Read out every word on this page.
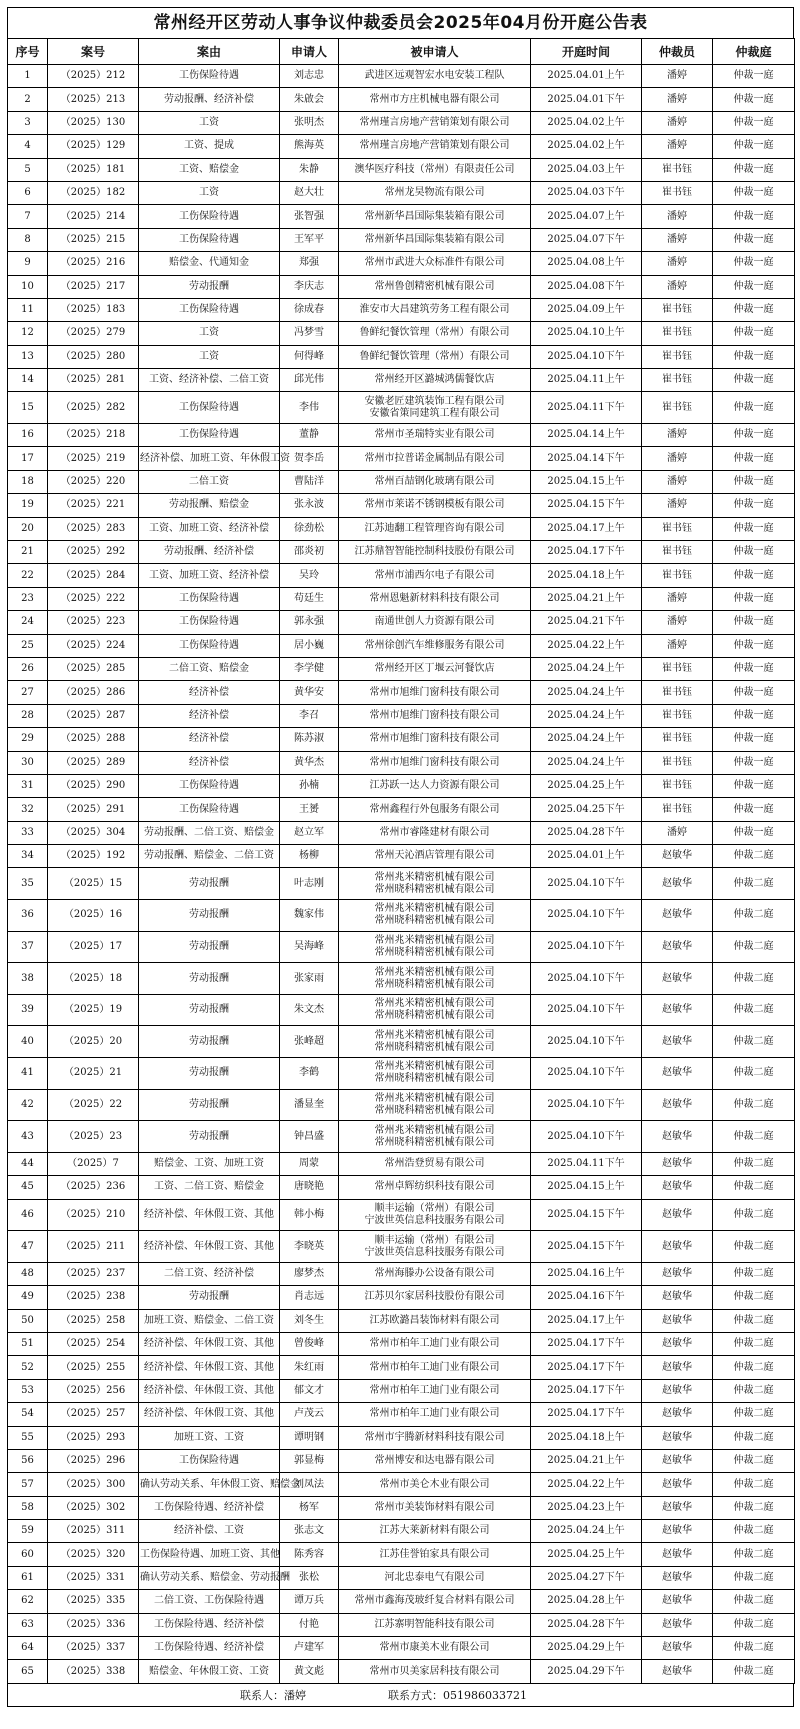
常州经开区劳动人事争议仲裁委员会2025年04月份开庭公告表
序号	案号	案由	申请人	被申请人	开庭时间	仲裁员	仲裁庭
1	（2025）212	工伤保险待遇	刘志忠	武进区远观智宏水电安装工程队	2025.04.01上午	潘婷	仲裁一庭
2	（2025）213	劳动报酬、经济补偿	朱啟会	常州市方庄机械电器有限公司	2025.04.01下午	潘婷	仲裁一庭
3	（2025）130	工资	张明杰	常州瑾言房地产营销策划有限公司	2025.04.02上午	潘婷	仲裁一庭
4	（2025）129	工资、提成	熊海英	常州瑾言房地产营销策划有限公司	2025.04.02上午	潘婷	仲裁一庭
5	（2025）181	工资、赔偿金	朱静	澳华医疗科技（常州）有限责任公司	2025.04.03上午	崔书钰	仲裁一庭
6	（2025）182	工资	赵大壮	常州龙昊物流有限公司	2025.04.03下午	崔书钰	仲裁一庭
7	（2025）214	工伤保险待遇	张智强	常州新华昌国际集装箱有限公司	2025.04.07上午	潘婷	仲裁一庭
8	（2025）215	工伤保险待遇	王军平	常州新华昌国际集装箱有限公司	2025.04.07下午	潘婷	仲裁一庭
9	（2025）216	赔偿金、代通知金	郑强	常州市武进大众标准件有限公司	2025.04.08上午	潘婷	仲裁一庭
10	（2025）217	劳动报酬	李庆志	常州鲁创精密机械有限公司	2025.04.08下午	潘婷	仲裁一庭
11	（2025）183	工伤保险待遇	徐成春	淮安市大昌建筑劳务工程有限公司	2025.04.09上午	崔书钰	仲裁一庭
12	（2025）279	工资	冯梦雪	鲁鲜纪餐饮管理（常州）有限公司	2025.04.10上午	崔书钰	仲裁一庭
13	（2025）280	工资	何得峰	鲁鲜纪餐饮管理（常州）有限公司	2025.04.10下午	崔书钰	仲裁一庭
14	（2025）281	工资、经济补偿、二倍工资	邱光伟	常州经开区潞城鸿儒餐饮店	2025.04.11上午	崔书钰	仲裁一庭
15	（2025）282	工伤保险待遇	李伟	安徽老匠建筑装饰工程有限公司
安徽省策同建筑工程有限公司	2025.04.11下午	崔书钰	仲裁一庭
16	（2025）218	工伤保险待遇	董静	常州市圣瑞特实业有限公司	2025.04.14上午	潘婷	仲裁一庭
17	（2025）219	经济补偿、加班工资、年休假工资	贺李岳	常州市拉普诺金属制品有限公司	2025.04.14下午	潘婷	仲裁一庭
18	（2025）220	二倍工资	曹陆洋	常州百喆钢化玻璃有限公司	2025.04.15上午	潘婷	仲裁一庭
19	（2025）221	劳动报酬、赔偿金	张永波	常州市莱诺不锈钢模板有限公司	2025.04.15下午	潘婷	仲裁一庭
20	（2025）283	工资、加班工资、经济补偿	徐劲松	江苏迪翻工程管理咨询有限公司	2025.04.17上午	崔书钰	仲裁一庭
21	（2025）292	劳动报酬、经济补偿	邵炎初	江苏鼎智智能控制科技股份有限公司	2025.04.17下午	崔书钰	仲裁一庭
22	（2025）284	工资、加班工资、经济补偿	吴玲	常州市浦西尔电子有限公司	2025.04.18上午	崔书钰	仲裁一庭
23	（2025）222	工伤保险待遇	苟廷生	常州恩魁新材料科技有限公司	2025.04.21上午	潘婷	仲裁一庭
24	（2025）223	工伤保险待遇	郭永强	南通世创人力资源有限公司	2025.04.21下午	潘婷	仲裁一庭
25	（2025）224	工伤保险待遇	居小巍	常州徐创汽车维修服务有限公司	2025.04.22上午	潘婷	仲裁一庭
26	（2025）285	二倍工资、赔偿金	李学健	常州经开区丁堰云河餐饮店	2025.04.24上午	崔书钰	仲裁一庭
27	（2025）286	经济补偿	黄华安	常州市旭维门窗科技有限公司	2025.04.24上午	崔书钰	仲裁一庭
28	（2025）287	经济补偿	李召	常州市旭维门窗科技有限公司	2025.04.24上午	崔书钰	仲裁一庭
29	（2025）288	经济补偿	陈苏淑	常州市旭维门窗科技有限公司	2025.04.24上午	崔书钰	仲裁一庭
30	（2025）289	经济补偿	黄华杰	常州市旭维门窗科技有限公司	2025.04.24上午	崔书钰	仲裁一庭
31	（2025）290	工伤保险待遇	孙楠	江苏跃一达人力资源有限公司	2025.04.25上午	崔书钰	仲裁一庭
32	（2025）291	工伤保险待遇	王赟	常州鑫程行外包服务有限公司	2025.04.25下午	崔书钰	仲裁一庭
33	（2025）304	劳动报酬、二倍工资、赔偿金	赵立军	常州市睿隆建材有限公司	2025.04.28下午	潘婷	仲裁一庭
34	（2025）192	劳动报酬、赔偿金、二倍工资	杨柳	常州天沁酒店管理有限公司	2025.04.01上午	赵敏华	仲裁二庭
35	（2025）15	劳动报酬	叶志刚	常州兆米精密机械有限公司
常州晓科精密机械有限公司	2025.04.10下午	赵敏华	仲裁二庭
36	（2025）16	劳动报酬	魏家伟	常州兆米精密机械有限公司
常州晓科精密机械有限公司	2025.04.10下午	赵敏华	仲裁二庭
37	（2025）17	劳动报酬	吴海峰	常州兆米精密机械有限公司
常州晓科精密机械有限公司	2025.04.10下午	赵敏华	仲裁二庭
38	（2025）18	劳动报酬	张家雨	常州兆米精密机械有限公司
常州晓科精密机械有限公司	2025.04.10下午	赵敏华	仲裁二庭
39	（2025）19	劳动报酬	朱文杰	常州兆米精密机械有限公司
常州晓科精密机械有限公司	2025.04.10下午	赵敏华	仲裁二庭
40	（2025）20	劳动报酬	张峰超	常州兆米精密机械有限公司
常州晓科精密机械有限公司	2025.04.10下午	赵敏华	仲裁二庭
41	（2025）21	劳动报酬	李鹤	常州兆米精密机械有限公司
常州晓科精密机械有限公司	2025.04.10下午	赵敏华	仲裁二庭
42	（2025）22	劳动报酬	潘显奎	常州兆米精密机械有限公司
常州晓科精密机械有限公司	2025.04.10下午	赵敏华	仲裁二庭
43	（2025）23	劳动报酬	钟昌盛	常州兆米精密机械有限公司
常州晓科精密机械有限公司	2025.04.10下午	赵敏华	仲裁二庭
44	（2025）7	赔偿金、工资、加班工资	周蒙	常州浩登贸易有限公司	2025.04.11下午	赵敏华	仲裁二庭
45	（2025）236	工资、二倍工资、赔偿金	唐晓艳	常州卓辉纺织科技有限公司	2025.04.15上午	赵敏华	仲裁二庭
46	（2025）210	经济补偿、年休假工资、其他	韩小梅	顺丰运输（常州）有限公司
宁波世英信息科技服务有限公司	2025.04.15下午	赵敏华	仲裁二庭
47	（2025）211	经济补偿、年休假工资、其他	李晓英	顺丰运输（常州）有限公司
宁波世英信息科技服务有限公司	2025.04.15下午	赵敏华	仲裁二庭
48	（2025）237	二倍工资、经济补偿	廖梦杰	常州海滕办公设备有限公司	2025.04.16上午	赵敏华	仲裁二庭
49	（2025）238	劳动报酬	肖志远	江苏贝尔家居科技股份有限公司	2025.04.16下午	赵敏华	仲裁二庭
50	（2025）258	加班工资、赔偿金、二倍工资	刘冬生	江苏欧潞昌装饰材料有限公司	2025.04.17上午	赵敏华	仲裁二庭
51	（2025）254	经济补偿、年休假工资、其他	曾俊峰	常州市柏年工迪门业有限公司	2025.04.17下午	赵敏华	仲裁二庭
52	（2025）255	经济补偿、年休假工资、其他	朱红雨	常州市柏年工迪门业有限公司	2025.04.17下午	赵敏华	仲裁二庭
53	（2025）256	经济补偿、年休假工资、其他	郁文才	常州市柏年工迪门业有限公司	2025.04.17下午	赵敏华	仲裁二庭
54	（2025）257	经济补偿、年休假工资、其他	卢茂云	常州市柏年工迪门业有限公司	2025.04.17下午	赵敏华	仲裁二庭
55	（2025）293	加班工资、工资	谭明钢	常州市宇腾新材料科技有限公司	2025.04.18上午	赵敏华	仲裁二庭
56	（2025）296	工伤保险待遇	郭显梅	常州博安和达电器有限公司	2025.04.21上午	赵敏华	仲裁二庭
57	（2025）300	确认劳动关系、年休假工资、赔偿金	刘凤法	常州市美仑木业有限公司	2025.04.22上午	赵敏华	仲裁二庭
58	（2025）302	工伤保险待遇、经济补偿	杨军	常州市美装饰材料有限公司	2025.04.23上午	赵敏华	仲裁二庭
59	（2025）311	经济补偿、工资	张志文	江苏大莱新材料有限公司	2025.04.24上午	赵敏华	仲裁二庭
60	（2025）320	工伤保险待遇、加班工资、其他	陈秀容	江苏佳誉铂家具有限公司	2025.04.25上午	赵敏华	仲裁二庭
61	（2025）331	确认劳动关系、赔偿金、劳动报酬	张松	河北忠泰电气有限公司	2025.04.27下午	赵敏华	仲裁二庭
62	（2025）335	二倍工资、工伤保险待遇	谭万兵	常州市鑫海茂玻纤复合材料有限公司	2025.04.28上午	赵敏华	仲裁二庭
63	（2025）336	工伤保险待遇、经济补偿	付艳	江苏寨明智能科技有限公司	2025.04.28下午	赵敏华	仲裁二庭
64	（2025）337	工伤保险待遇、经济补偿	卢建军	常州市康美木业有限公司	2025.04.29上午	赵敏华	仲裁二庭
65	（2025）338	赔偿金、年休假工资、工资	黄文彪	常州市贝美家居科技有限公司	2025.04.29下午	赵敏华	仲裁二庭
联系人：潘婷	联系方式：051986033721
